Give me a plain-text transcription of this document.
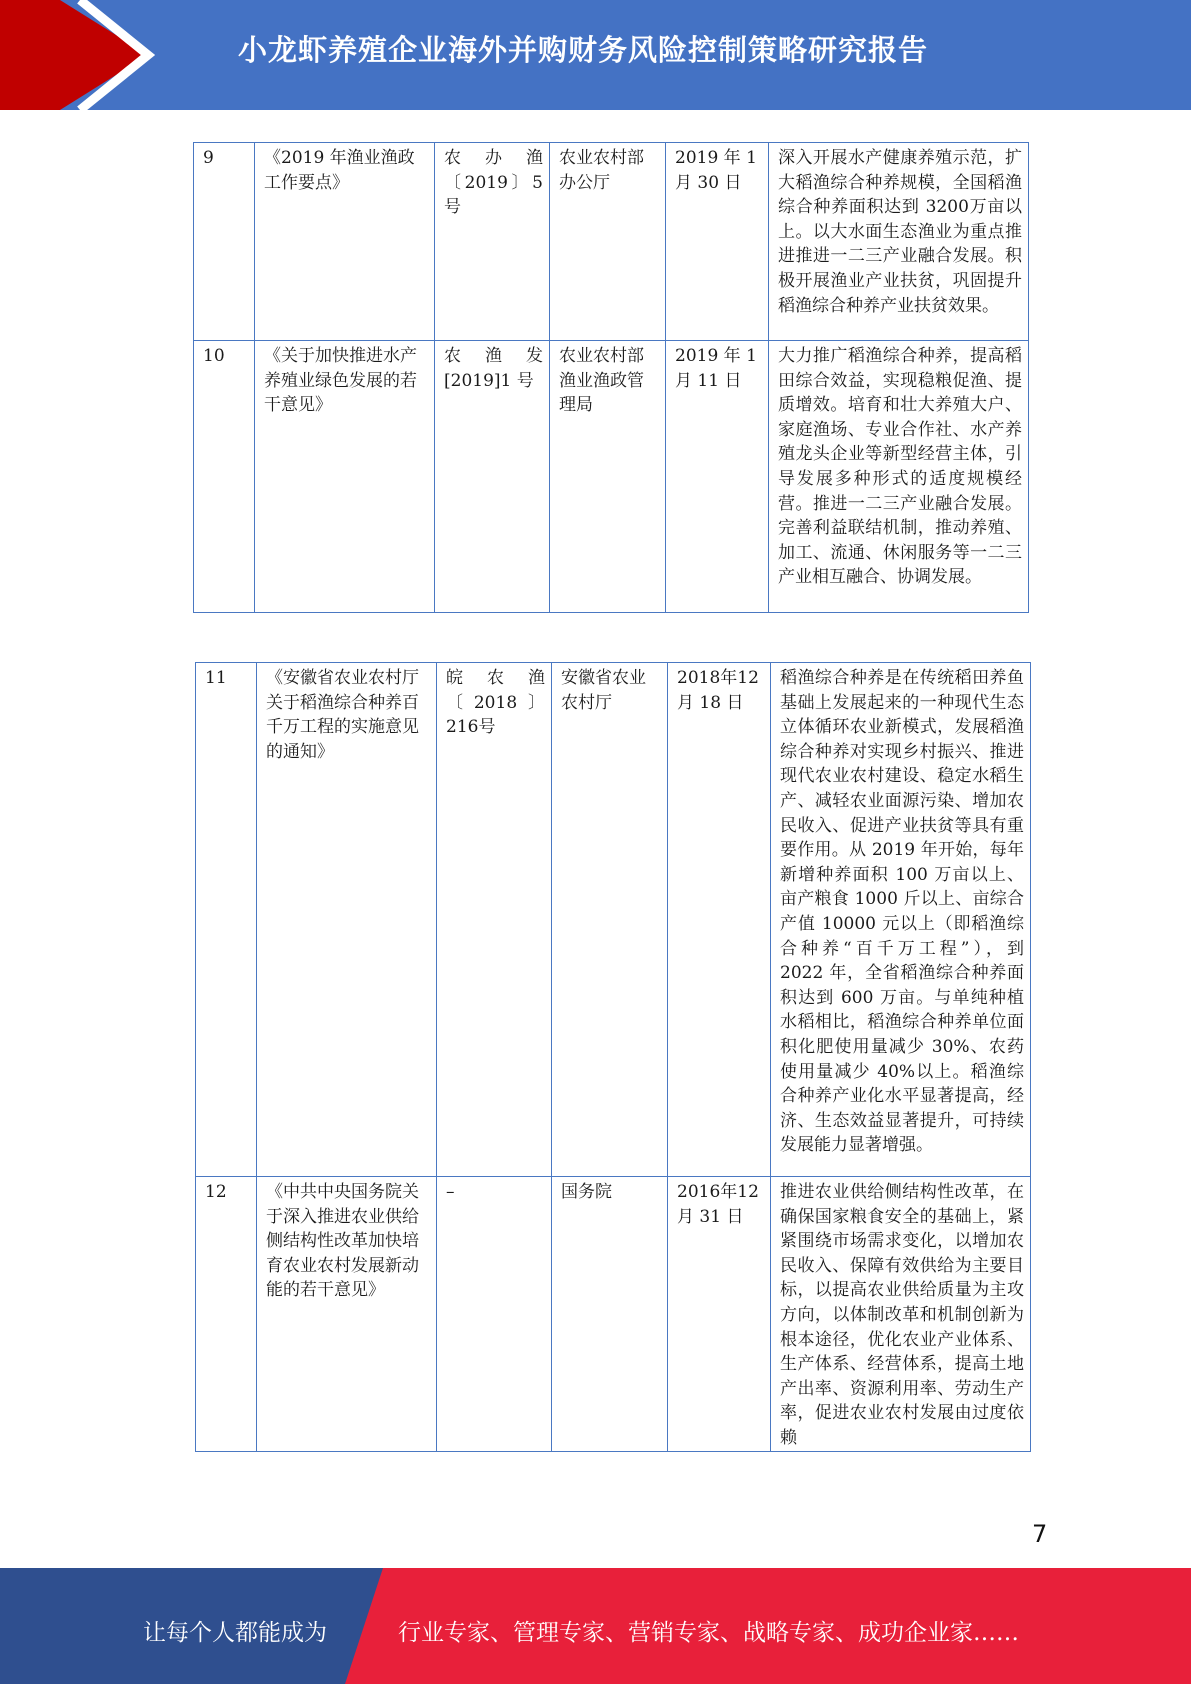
小龙虾养殖企业海外并购财务风险控制策略研究报告
9	《2019 年渔业渔政工作要点》	农 办 渔〔2019〕5号	农业农村部办公厅	2019 年 1月 30 日	深入开展水产健康养殖示范，扩大稻渔综合种养规模，全国稻渔综合种养面积达到 3200万亩以上。以大水面生态渔业为重点推进推进一二三产业融合发展。积极开展渔业产业扶贫，巩固提升稻渔综合种养产业扶贫效果。
10	《关于加快推进水产养殖业绿色发展的若干意见》	农 渔 发[2019]1 号	农业农村部渔业渔政管理局	2019 年 1月 11 日	大力推广稻渔综合种养，提高稻田综合效益，实现稳粮促渔、提质增效。培育和壮大养殖大户、家庭渔场、专业合作社、水产养殖龙头企业等新型经营主体，引导发展多种形式的适度规模经营。推进一二三产业融合发展。完善利益联结机制，推动养殖、加工、流通、休闲服务等一二三产业相互融合、协调发展。
11	《安徽省农业农村厅关于稻渔综合种养百千万工程的实施意见的通知》	皖 农 渔〔2018〕216号	安徽省农业农村厅	2018年12月 18 日	稻渔综合种养是在传统稻田养鱼基础上发展起来的一种现代生态立体循环农业新模式，发展稻渔综合种养对实现乡村振兴、推进现代农业农村建设、稳定水稻生产、减轻农业面源污染、增加农民收入、促进产业扶贫等具有重要作用。从 2019 年开始，每年新增种养面积 100 万亩以上、亩产粮食 1000 斤以上、亩综合产值 10000 元以上（即稻渔综合种养“百千万工程”），到 2022 年，全省稻渔综合种养面积达到 600 万亩。与单纯种植水稻相比，稻渔综合种养单位面积化肥使用量减少 30%、农药使用量减少 40%以上。稻渔综合种养产业化水平显著提高，经济、生态效益显著提升，可持续发展能力显著增强。
12	《中共中央国务院关于深入推进农业供给侧结构性改革加快培育农业农村发展新动能的若干意见》	–	国务院	2016年12月 31 日	推进农业供给侧结构性改革，在确保国家粮食安全的基础上，紧紧围绕市场需求变化，以增加农民收入、保障有效供给为主要目标，以提高农业供给质量为主攻方向，以体制改革和机制创新为根本途径，优化农业产业体系、生产体系、经营体系，提高土地产出率、资源利用率、劳动生产率，促进农业农村发展由过度依赖
7
让每个人都能成为	行业专家、管理专家、营销专家、战略专家、成功企业家……
